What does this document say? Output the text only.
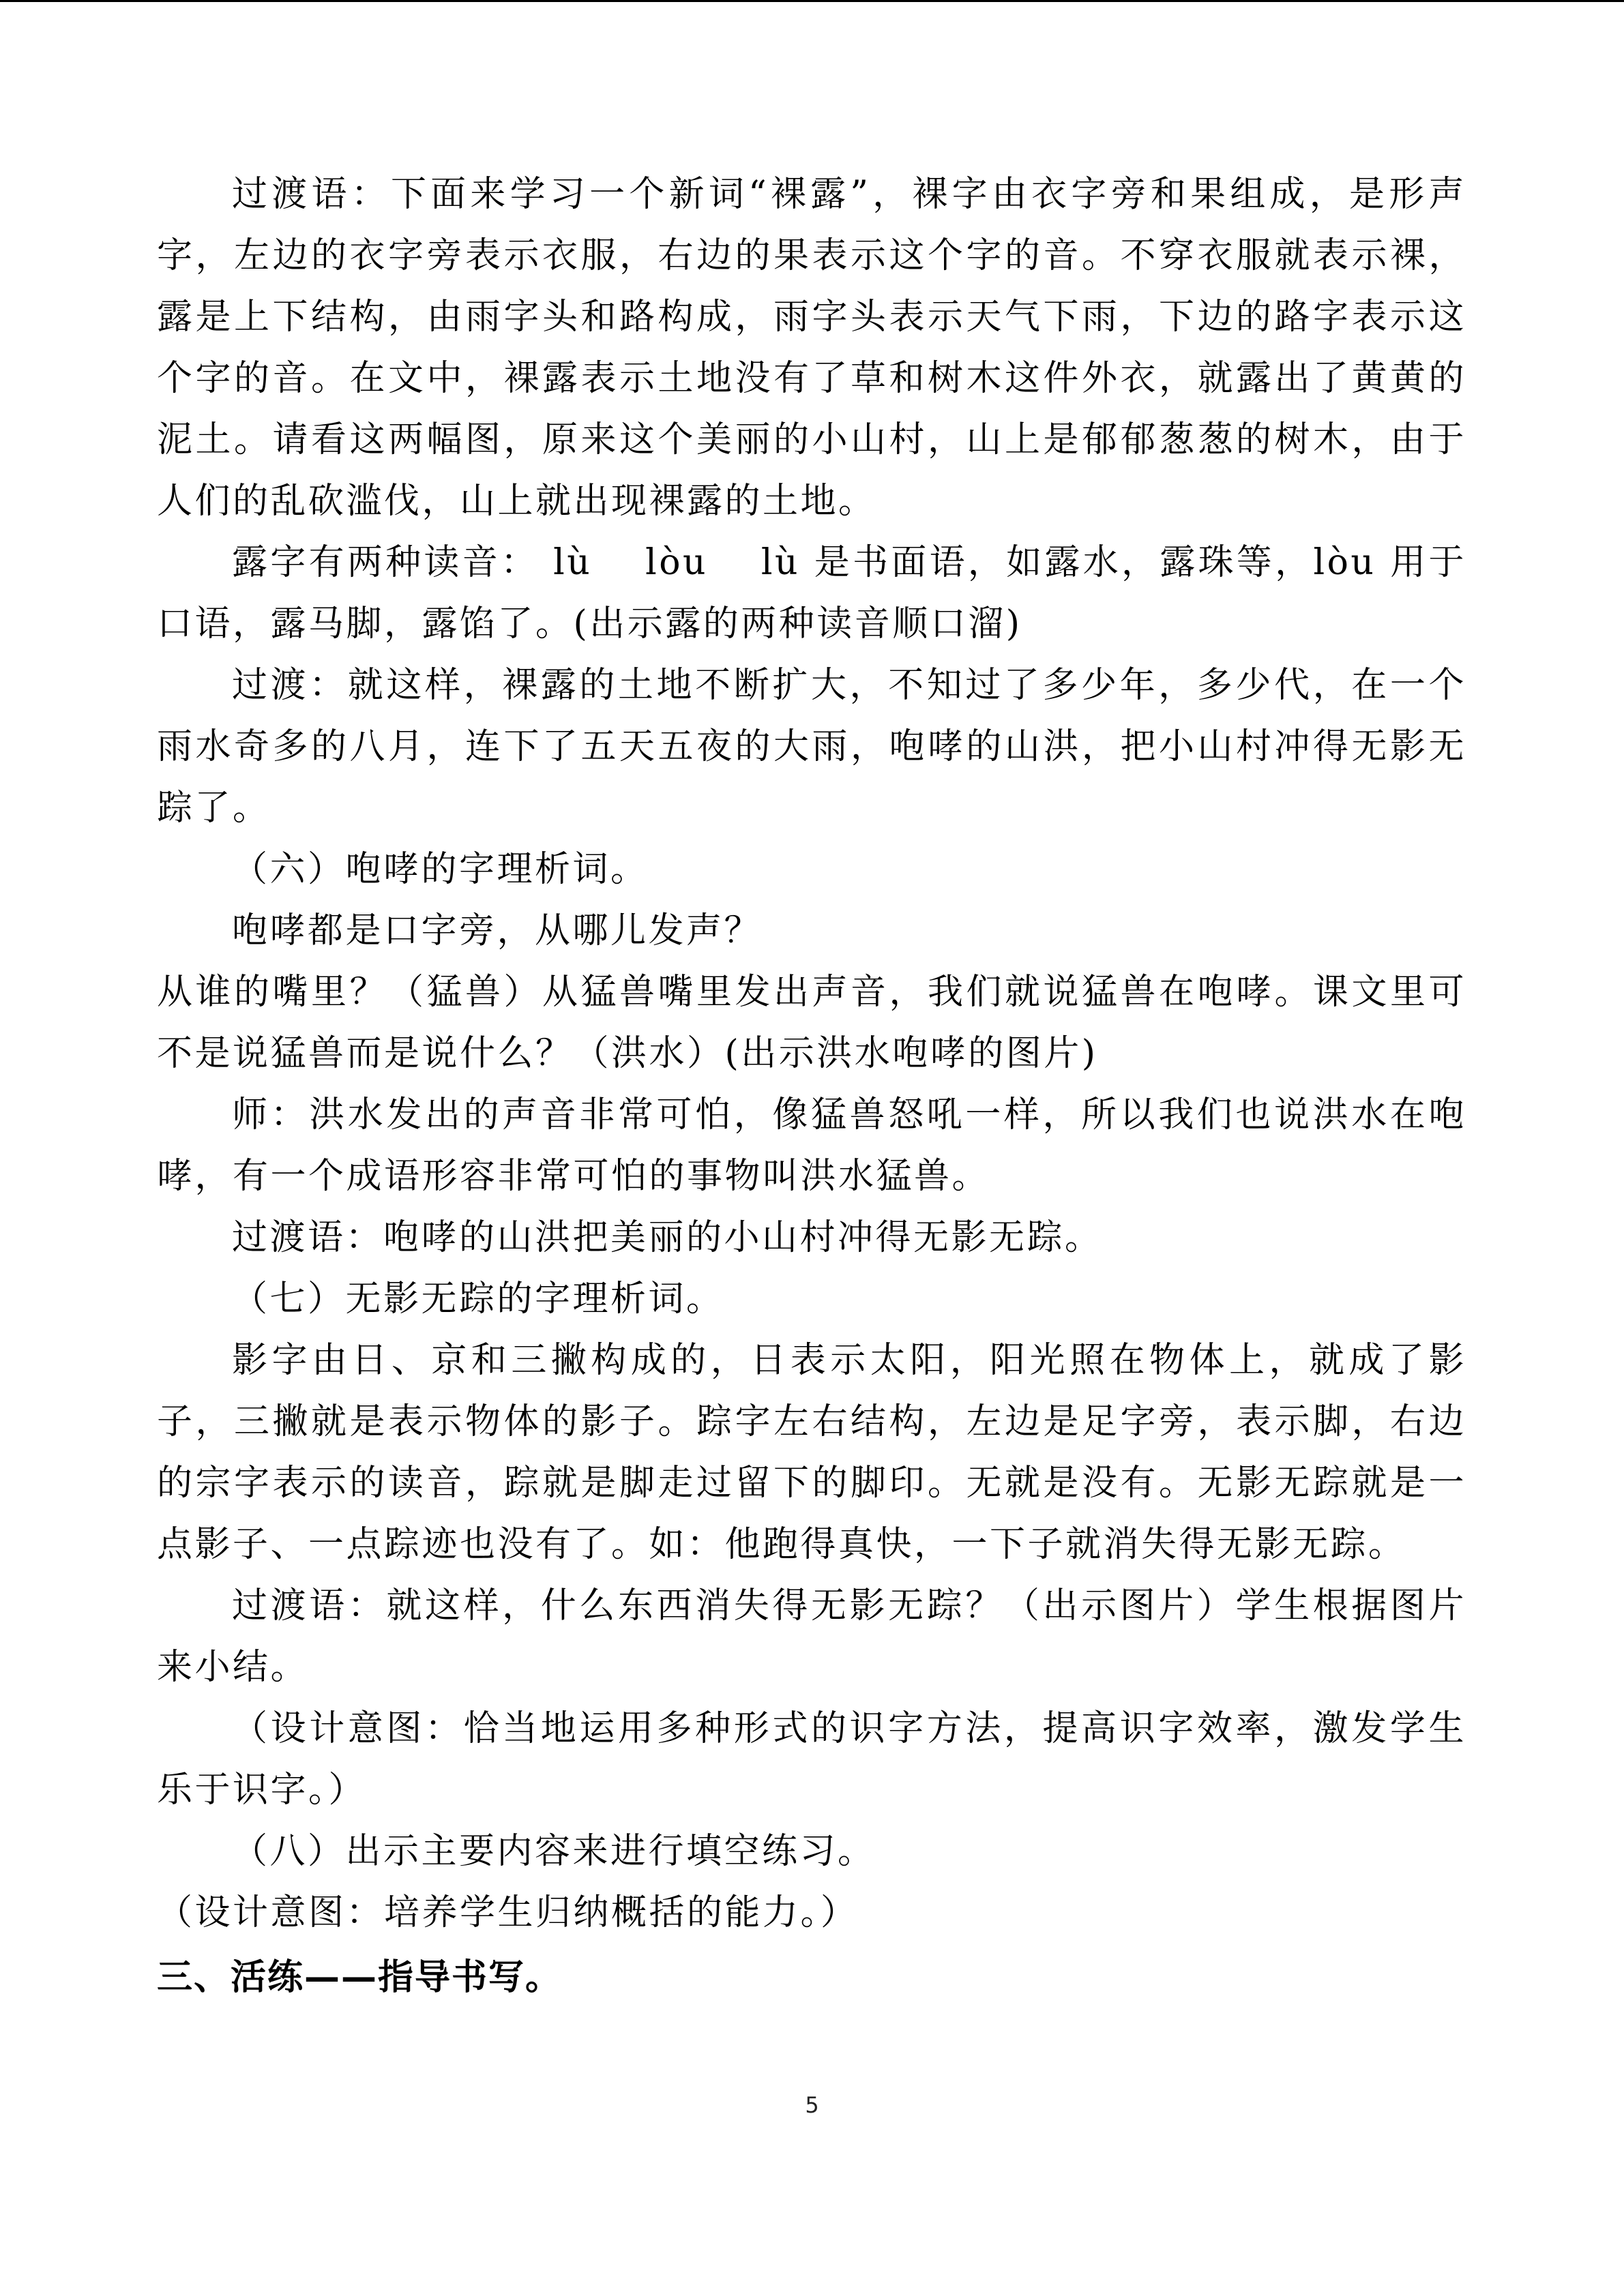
过渡语：下面来学习一个新词“裸露”，裸字由衣字旁和果组成，是形声字，左边的衣字旁表示衣服，右边的果表示这个字的音。不穿衣服就表示裸，露是上下结构，由雨字头和路构成，雨字头表示天气下雨，下边的路字表示这个字的音。在文中，裸露表示土地没有了草和树木这件外衣，就露出了黄黄的泥土。请看这两幅图，原来这个美丽的小山村，山上是郁郁葱葱的树木，由于人们的乱砍滥伐，山上就出现裸露的土地。

露字有两种读音： lù　 lòu　 lù 是书面语，如露水，露珠等，lòu 用于口语，露马脚，露馅了。(出示露的两种读音顺口溜)

过渡：就这样，裸露的土地不断扩大，不知过了多少年，多少代，在一个雨水奇多的八月，连下了五天五夜的大雨，咆哮的山洪，把小山村冲得无影无踪了。

（六）咆哮的字理析词。

咆哮都是口字旁，从哪儿发声？

从谁的嘴里？（猛兽）从猛兽嘴里发出声音，我们就说猛兽在咆哮。课文里可不是说猛兽而是说什么？（洪水）(出示洪水咆哮的图片)

师：洪水发出的声音非常可怕，像猛兽怒吼一样，所以我们也说洪水在咆哮，有一个成语形容非常可怕的事物叫洪水猛兽。

过渡语：咆哮的山洪把美丽的小山村冲得无影无踪。

（七）无影无踪的字理析词。

影字由日、京和三撇构成的，日表示太阳，阳光照在物体上，就成了影子，三撇就是表示物体的影子。踪字左右结构，左边是足字旁，表示脚，右边的宗字表示的读音，踪就是脚走过留下的脚印。无就是没有。无影无踪就是一点影子、一点踪迹也没有了。如：他跑得真快，一下子就消失得无影无踪。

过渡语：就这样，什么东西消失得无影无踪？（出示图片）学生根据图片来小结。

（设计意图：恰当地运用多种形式的识字方法，提高识字效率，激发学生乐于识字。）

（八）出示主要内容来进行填空练习。

（设计意图：培养学生归纳概括的能力。）

三、活练——指导书写。

5
